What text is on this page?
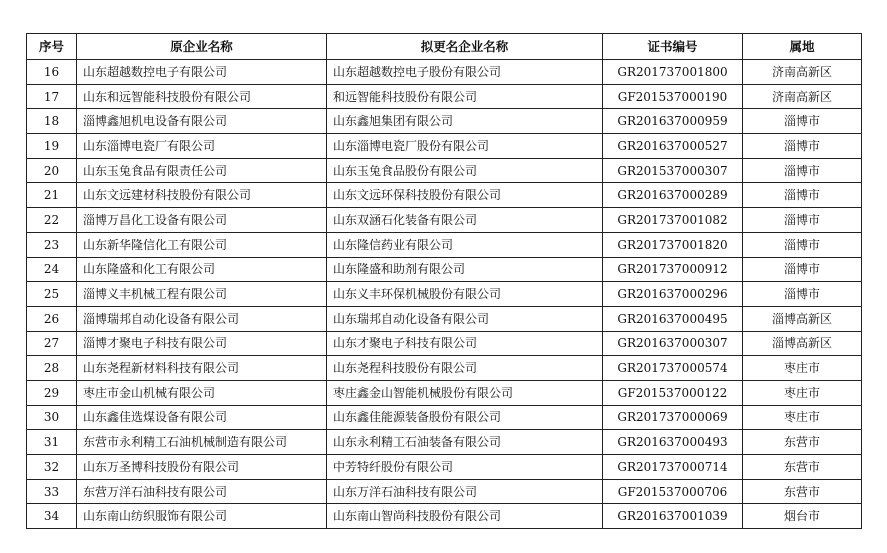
序号	原企业名称	拟更名企业名称	证书编号	属地
16	山东超越数控电子有限公司	山东超越数控电子股份有限公司	GR201737001800	济南高新区
17	山东和远智能科技股份有限公司	和远智能科技股份有限公司	GF201537000190	济南高新区
18	淄博鑫旭机电设备有限公司	山东鑫旭集团有限公司	GR201637000959	淄博市
19	山东淄博电瓷厂有限公司	山东淄博电瓷厂股份有限公司	GR201637000527	淄博市
20	山东玉兔食品有限责任公司	山东玉兔食品股份有限公司	GR201537000307	淄博市
21	山东文远建材科技股份有限公司	山东文远环保科技股份有限公司	GR201637000289	淄博市
22	淄博万昌化工设备有限公司	山东双涵石化装备有限公司	GR201737001082	淄博市
23	山东新华隆信化工有限公司	山东隆信药业有限公司	GR201737001820	淄博市
24	山东隆盛和化工有限公司	山东隆盛和助剂有限公司	GR201737000912	淄博市
25	淄博义丰机械工程有限公司	山东义丰环保机械股份有限公司	GR201637000296	淄博市
26	淄博瑞邦自动化设备有限公司	山东瑞邦自动化设备有限公司	GR201637000495	淄博高新区
27	淄博才聚电子科技有限公司	山东才聚电子科技有限公司	GR201637000307	淄博高新区
28	山东尧程新材料科技有限公司	山东尧程科技股份有限公司	GR201737000574	枣庄市
29	枣庄市金山机械有限公司	枣庄鑫金山智能机械股份有限公司	GF201537000122	枣庄市
30	山东鑫佳选煤设备有限公司	山东鑫佳能源装备股份有限公司	GR201737000069	枣庄市
31	东营市永利精工石油机械制造有限公司	山东永利精工石油装备有限公司	GR201637000493	东营市
32	山东万圣博科技股份有限公司	中芳特纤股份有限公司	GR201737000714	东营市
33	东营万洋石油科技有限公司	山东万洋石油科技有限公司	GF201537000706	东营市
34	山东南山纺织服饰有限公司	山东南山智尚科技股份有限公司	GR201637001039	烟台市
